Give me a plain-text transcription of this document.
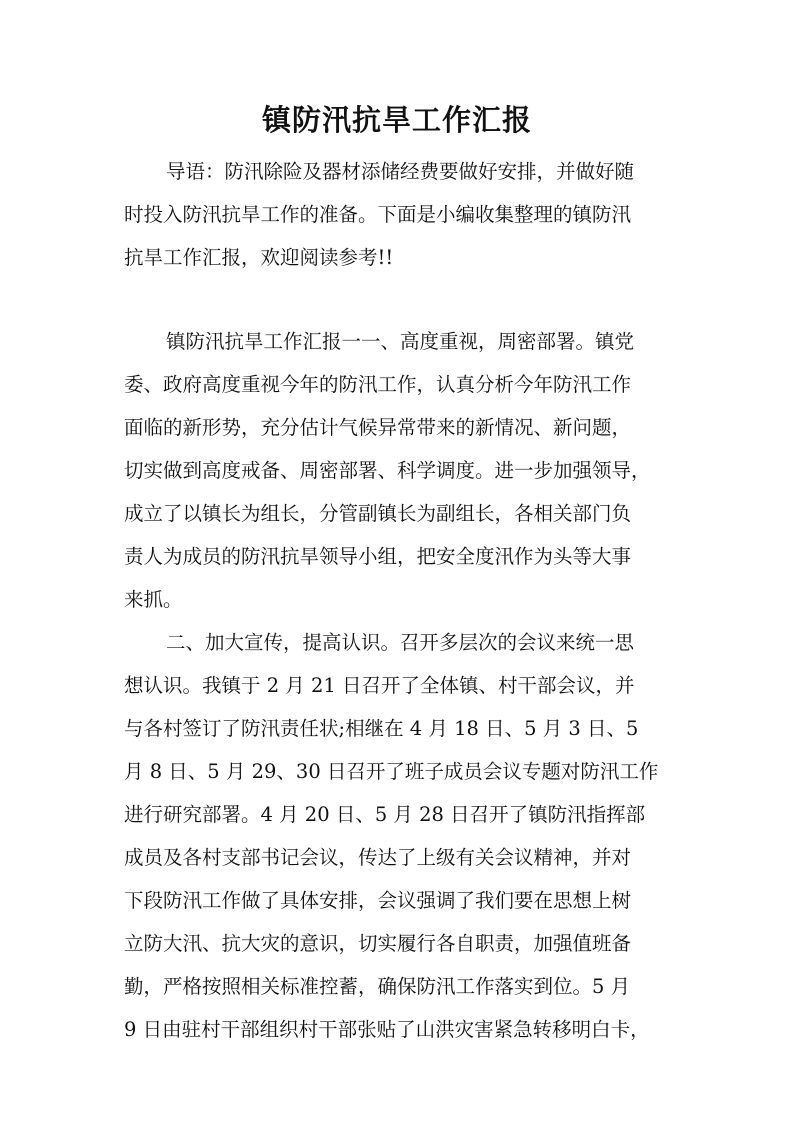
镇防汛抗旱工作汇报
导语：防汛除险及器材添储经费要做好安排，并做好随
时投入防汛抗旱工作的准备。下面是小编收集整理的镇防汛
抗旱工作汇报，欢迎阅读参考!!
镇防汛抗旱工作汇报一一、高度重视，周密部署。镇党
委、政府高度重视今年的防汛工作，认真分析今年防汛工作
面临的新形势，充分估计气候异常带来的新情况、新问题，
切实做到高度戒备、周密部署、科学调度。进一步加强领导，
成立了以镇长为组长，分管副镇长为副组长，各相关部门负
责人为成员的防汛抗旱领导小组，把安全度汛作为头等大事
来抓。
二、加大宣传，提高认识。召开多层次的会议来统一思
想认识。我镇于 2 月 21 日召开了全体镇、村干部会议，并
与各村签订了防汛责任状;相继在 4 月 18 日、5 月 3 日、5
月 8 日、5 月 29、30 日召开了班子成员会议专题对防汛工作
进行研究部署。4 月 20 日、5 月 28 日召开了镇防汛指挥部
成员及各村支部书记会议，传达了上级有关会议精神，并对
下段防汛工作做了具体安排，会议强调了我们要在思想上树
立防大汛、抗大灾的意识，切实履行各自职责，加强值班备
勤，严格按照相关标准控蓄，确保防汛工作落实到位。5 月
9 日由驻村干部组织村干部张贴了山洪灾害紧急转移明白卡，
